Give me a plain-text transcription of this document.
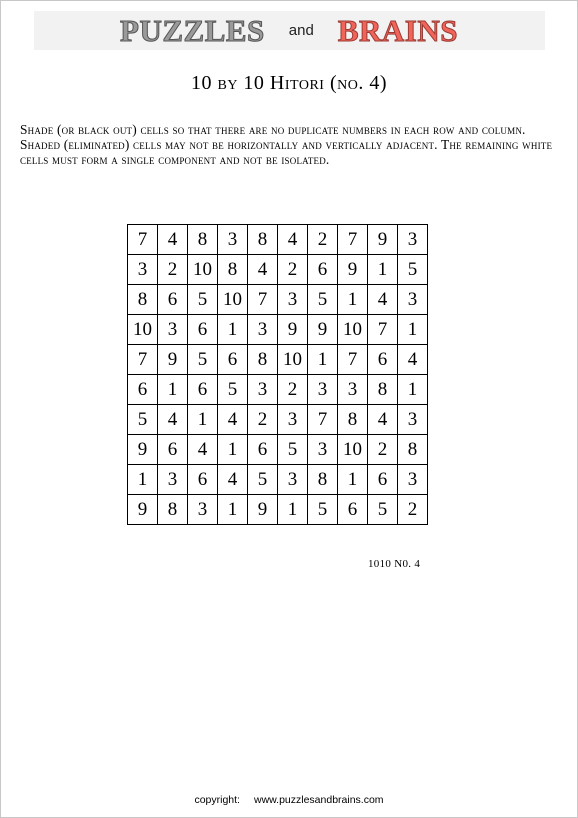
PUZZLES and BRAINS
10 by 10 Hitori (no. 4)
Shade (or black out) cells so that there are no duplicate numbers in each row and column. Shaded (eliminated) cells may not be horizontally and vertically adjacent. The remaining white cells must form a single component and not be isolated.
7	4	8	3	8	4	2	7	9	3
3	2	10	8	4	2	6	9	1	5
8	6	5	10	7	3	5	1	4	3
10	3	6	1	3	9	9	10	7	1
7	9	5	6	8	10	1	7	6	4
6	1	6	5	3	2	3	3	8	1
5	4	1	4	2	3	7	8	4	3
9	6	4	1	6	5	3	10	2	8
1	3	6	4	5	3	8	1	6	3
9	8	3	1	9	1	5	6	5	2
1010 N0. 4
copyright: www.puzzlesandbrains.com
